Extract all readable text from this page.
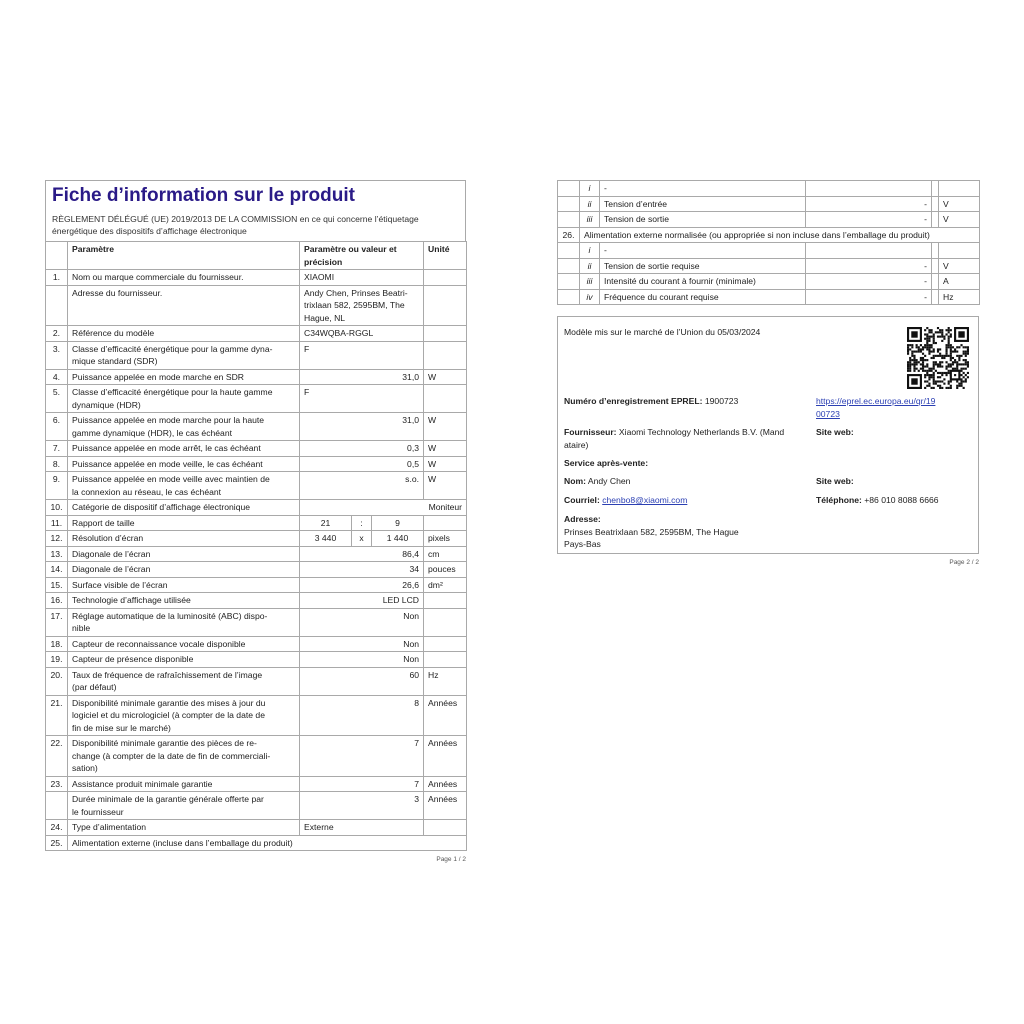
Fiche d’information sur le produit
RÈGLEMENT DÉLÉGUÉ (UE) 2019/2013 DE LA COMMISSION en ce qui concerne l’étiquetage
énergétique des dispositifs d’affichage électronique
	Paramètre	Paramètre ou valeur et
précision			Unité
1.	Nom ou marque commerciale du fournisseur.	XIAOMI			

	Adresse du fournisseur.	Andy Chen, Prinses Beatri-
trixlaan 582, 2595BM, The
Hague, NL			

2.	Référence du modèle	C34WQBA-RGGL			

3.	Classe d’efficacité énergétique pour la gamme dyna-
mique standard (SDR)	F			

4.	Puissance appelée en mode marche en SDR	31,0			W
5.	Classe d’efficacité énergétique pour la haute gamme
dynamique (HDR)	F			

6.	Puissance appelée en mode marche pour la haute
gamme dynamique (HDR), le cas échéant	31,0			W
7.	Puissance appelée en mode arrêt, le cas échéant	0,3			W
8.	Puissance appelée en mode veille, le cas échéant	0,5			W
9.	Puissance appelée en mode veille avec maintien de
la connexion au réseau, le cas échéant	s.o.			W
10.	Catégorie de dispositif d’affichage électronique	Moniteur			
11.	Rapport de taille	21	:	9	
12.	Résolution d’écran	3 440	x	1 440	pixels
13.	Diagonale de l’écran	86,4			cm
14.	Diagonale de l’écran	34			pouces
15.	Surface visible de l’écran	26,6			dm²
16.	Technologie d’affichage utilisée	LED LCD			
17.	Réglage automatique de la luminosité (ABC) dispo-
nible	Non			
18.	Capteur de reconnaissance vocale disponible	Non			
19.	Capteur de présence disponible	Non			
20.	Taux de fréquence de rafraîchissement de l’image
(par défaut)	60			Hz
21.	Disponibilité minimale garantie des mises à jour du
logiciel et du micrologiciel (à compter de la date de
fin de mise sur le marché)	8			Années
22.	Disponibilité minimale garantie des pièces de re-
change (à compter de la date de fin de commerciali-
sation)	7			Années
23.	Assistance produit minimale garantie	7			Années

	Durée minimale de la garantie générale offerte par
le fournisseur	3			Années
24.	Type d’alimentation	Externe			

25.	Alimentation externe (incluse dans l’emballage du produit)				
Page 1 / 2
	i	-			
	ii	Tension d’entrée	-		V
	iii	Tension de sortie	-		V
26.	Alimentation externe normalisée (ou appropriée si non incluse dans l’emballage du produit)				
	i	-			
	ii	Tension de sortie requise	-		V
	iii	Intensité du courant à fournir (minimale)	-		A
	iv	Fréquence du courant requise	-		Hz
Modèle mis sur le marché de l’Union du 05/03/2024
Numéro d’enregistrement EPREL: 1900723	https://eprel.ec.europa.eu/qr/19
00723
Fournisseur: Xiaomi Technology Netherlands B.V. (Mand
ataire)
Site web:
Service après-vente:
Nom: Andy Chen	Site web:
Courriel: chenbo8@xiaomi.com	Téléphone: +86 010 8088 6666
Adresse:
Prinses Beatrixlaan 582, 2595BM, The Hague
Pays-Bas
Page 2 / 2
